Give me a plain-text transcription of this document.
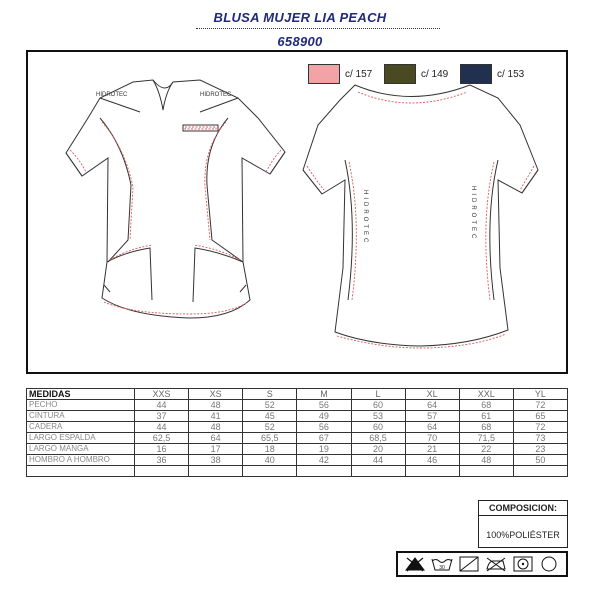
BLUSA MUJER LIA PEACH
658900
c/ 157	c/ 149	c/ 153
HIDROTEC	HIDROTEC
HIDROTEC	HIDROTEC
MEDIDAS	XXS	XS	S	M	L	XL	XXL	YL
PECHO	44	48	52	56	60	64	68	72
CINTURA	37	41	45	49	53	57	61	65
CADERA	44	48	52	56	60	64	68	72
LARGO ESPALDA	62,5	64	65,5	67	68,5	70	71,5	73
LARGO MANGA	16	17	18	19	20	21	22	23
HOMBRO A HOMBRO	36	38	40	42	44	46	48	50

COMPOSICION:
100%POLIÉSTER
30
